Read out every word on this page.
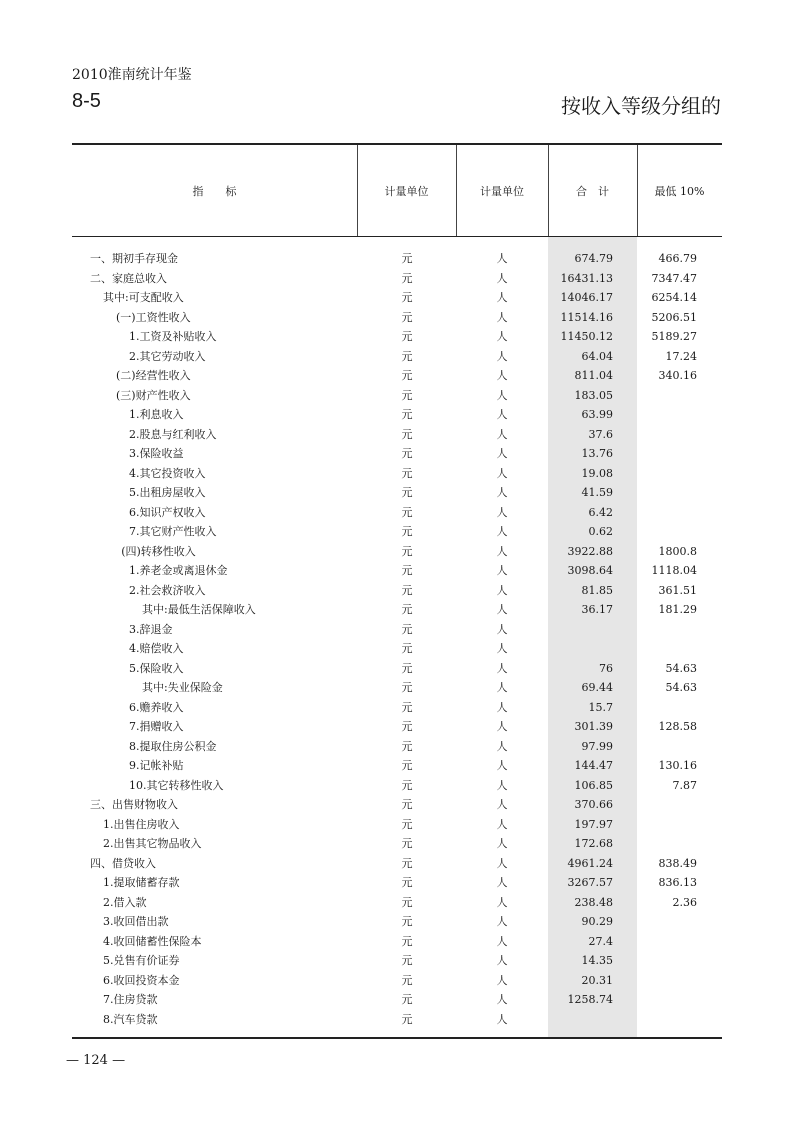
2010淮南统计年鉴
8-5	按收入等级分组的
指　　标	计量单位	计量单位	合　计	最低 10%
一、期初手存现金	元	人	674.79	466.79
二、家庭总收入	元	人	16431.13	7347.47
其中:可支配收入	元	人	14046.17	6254.14
(一)工资性收入	元	人	11514.16	5206.51
1.工资及补贴收入	元	人	11450.12	5189.27
2.其它劳动收入	元	人	64.04	17.24
(二)经营性收入	元	人	811.04	340.16
(三)财产性收入	元	人	183.05
1.利息收入	元	人	63.99
2.股息与红利收入	元	人	37.6
3.保险收益	元	人	13.76
4.其它投资收入	元	人	19.08
5.出租房屋收入	元	人	41.59
6.知识产权收入	元	人	6.42
7.其它财产性收入	元	人	0.62
(四)转移性收入	元	人	3922.88	1800.8
1.养老金或离退休金	元	人	3098.64	1118.04
2.社会救济收入	元	人	81.85	361.51
其中:最低生活保障收入	元	人	36.17	181.29
3.辞退金	元	人
4.赔偿收入	元	人
5.保险收入	元	人	76	54.63
其中:失业保险金	元	人	69.44	54.63
6.赡养收入	元	人	15.7
7.捐赠收入	元	人	301.39	128.58
8.提取住房公积金	元	人	97.99
9.记帐补贴	元	人	144.47	130.16
10.其它转移性收入	元	人	106.85	7.87
三、出售财物收入	元	人	370.66
1.出售住房收入	元	人	197.97
2.出售其它物品收入	元	人	172.68
四、借贷收入	元	人	4961.24	838.49
1.提取储蓄存款	元	人	3267.57	836.13
2.借入款	元	人	238.48	2.36
3.收回借出款	元	人	90.29
4.收回储蓄性保险本	元	人	27.4
5.兑售有价证券	元	人	14.35
6.收回投资本金	元	人	20.31
7.住房贷款	元	人	1258.74
8.汽车贷款	元	人
— 124 —
